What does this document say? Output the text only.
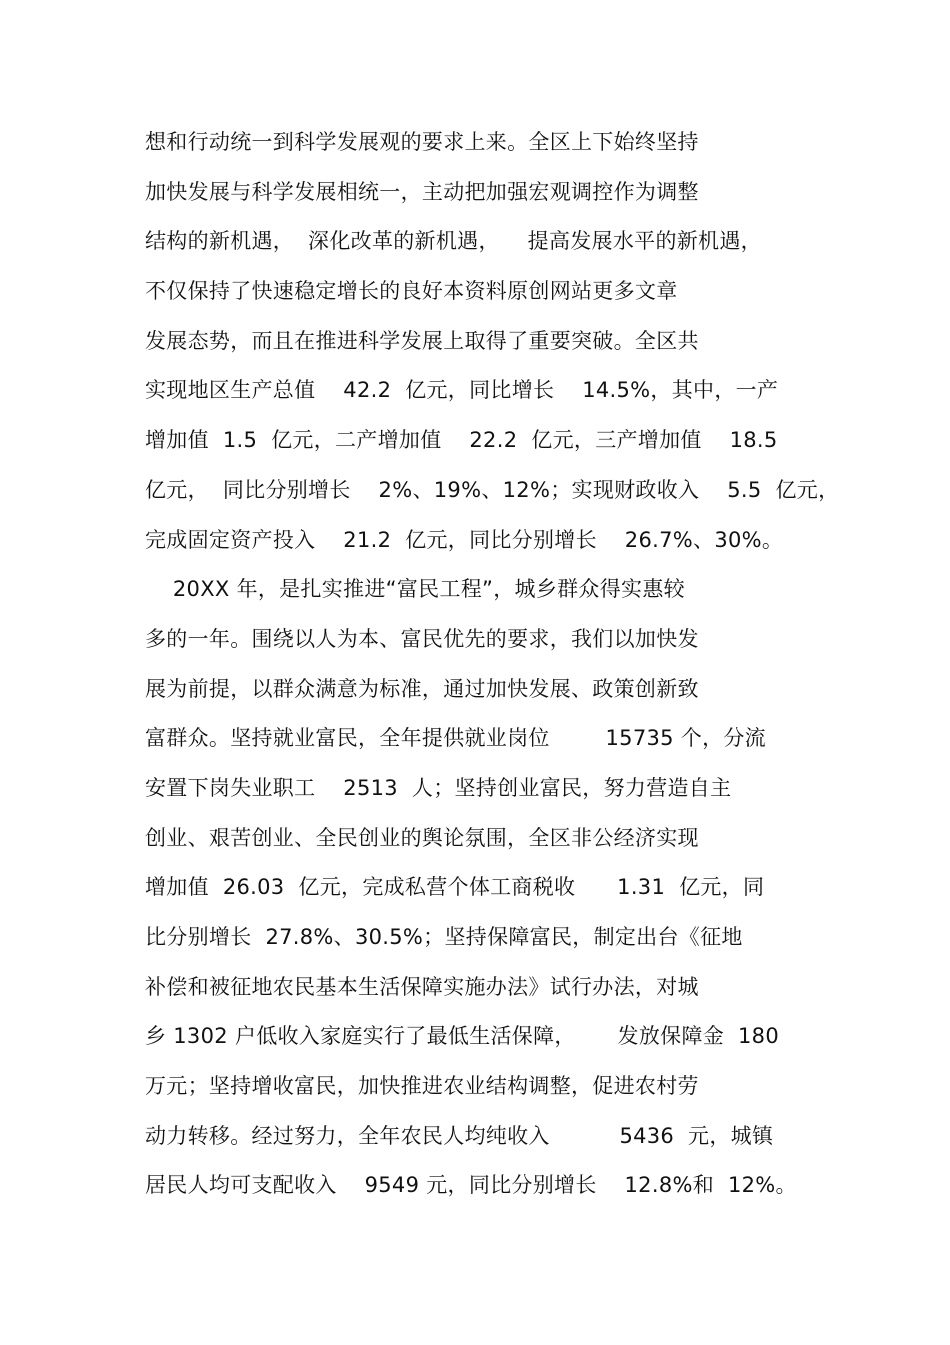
想和行动统一到科学发展观的要求上来。全区上下始终坚持
加快发展与科学发展相统一，主动把加强宏观调控作为调整
结构的新机遇，  深化改革的新机遇，    提高发展水平的新机遇，
不仅保持了快速稳定增长的良好本资料原创网站更多文章
发展态势，而且在推进科学发展上取得了重要突破。全区共
实现地区生产总值    42.2  亿元，同比增长    14.5%，其中，一产
增加值  1.5  亿元，二产增加值    22.2  亿元，三产增加值    18.5
亿元，  同比分别增长    2%、19%、12%；实现财政收入    5.5  亿元，
完成固定资产投入    21.2  亿元，同比分别增长    26.7%、30%。
20XX 年，是扎实推进“富民工程”，城乡群众得实惠较
多的一年。围绕以人为本、富民优先的要求，我们以加快发
展为前提，以群众满意为标准，通过加快发展、政策创新致
富群众。坚持就业富民，全年提供就业岗位        15735 个，分流
安置下岗失业职工    2513  人；坚持创业富民，努力营造自主
创业、艰苦创业、全民创业的舆论氛围，全区非公经济实现
增加值  26.03  亿元，完成私营个体工商税收      1.31  亿元，同
比分别增长  27.8%、30.5%；坚持保障富民，制定出台《征地
补偿和被征地农民基本生活保障实施办法》试行办法，对城
乡 1302 户低收入家庭实行了最低生活保障，      发放保障金  180
万元；坚持增收富民，加快推进农业结构调整，促进农村劳
动力转移。经过努力，全年农民人均纯收入          5436  元，城镇
居民人均可支配收入    9549 元，同比分别增长    12.8%和  12%。
